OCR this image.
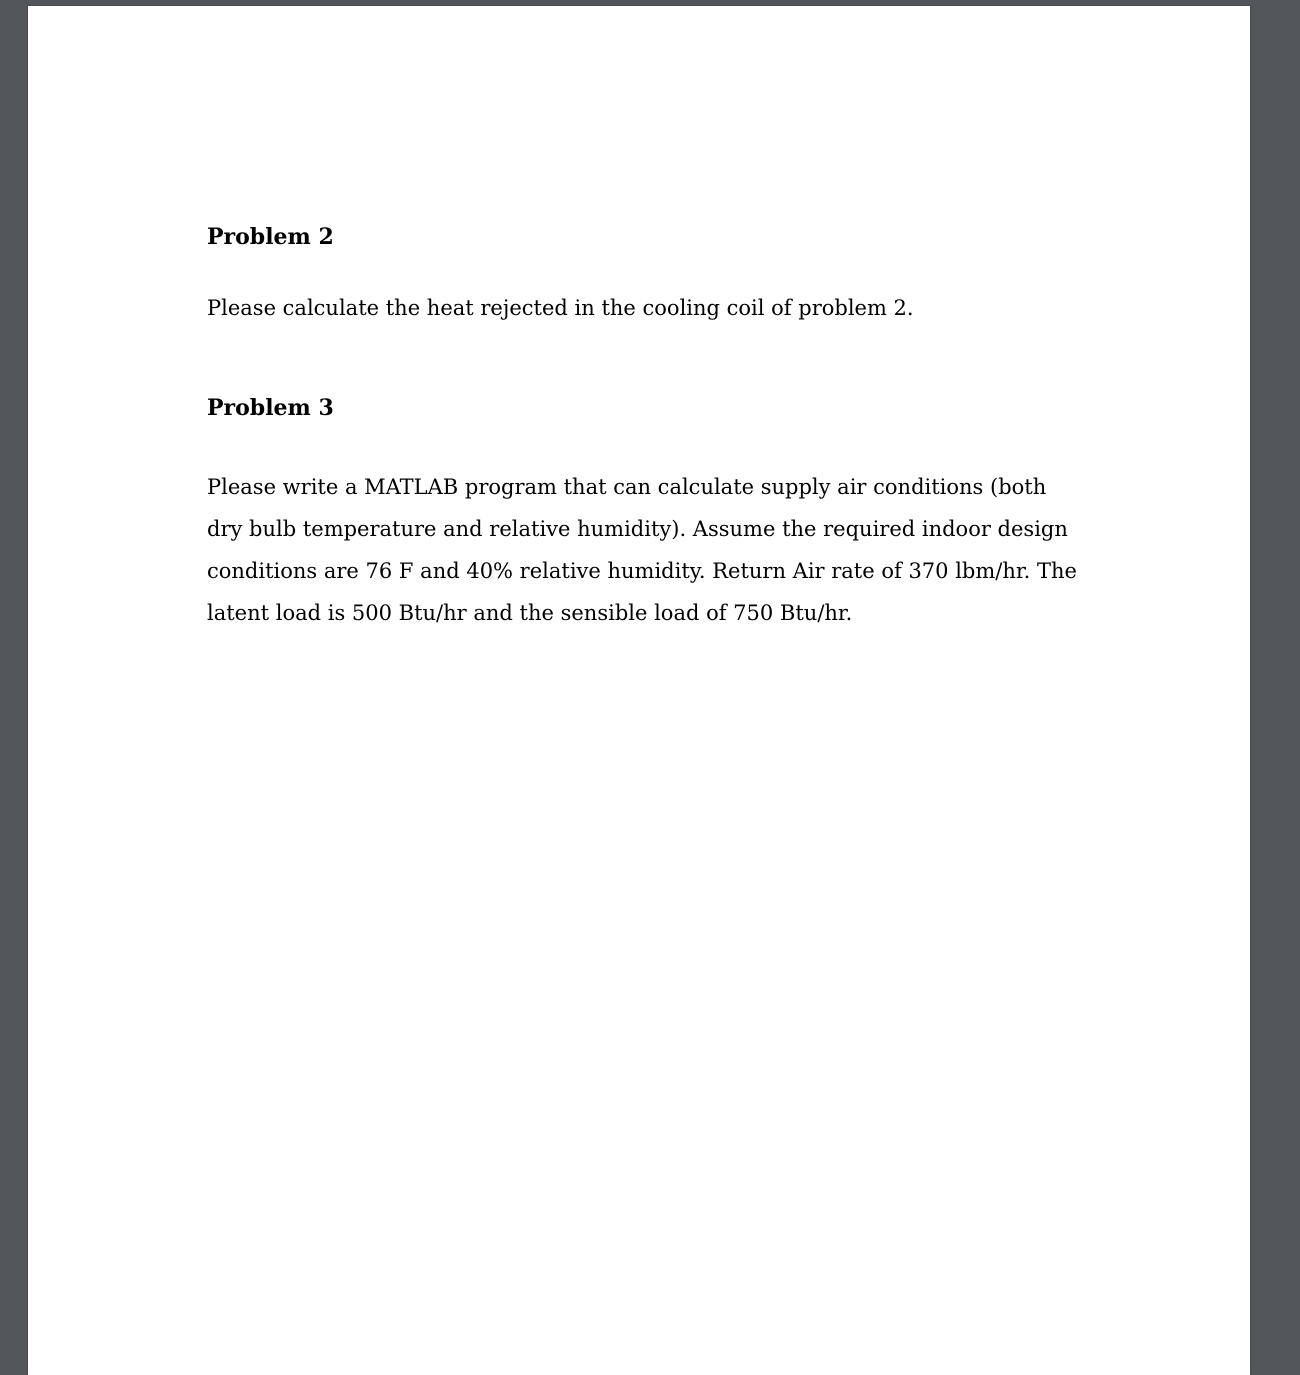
Problem 2

Please calculate the heat rejected in the cooling coil of problem 2.

Problem 3

Please write a MATLAB program that can calculate supply air conditions (both
dry bulb temperature and relative humidity). Assume the required indoor design
conditions are 76 F and 40% relative humidity. Return Air rate of 370 lbm/hr. The
latent load is 500 Btu/hr and the sensible load of 750 Btu/hr.
